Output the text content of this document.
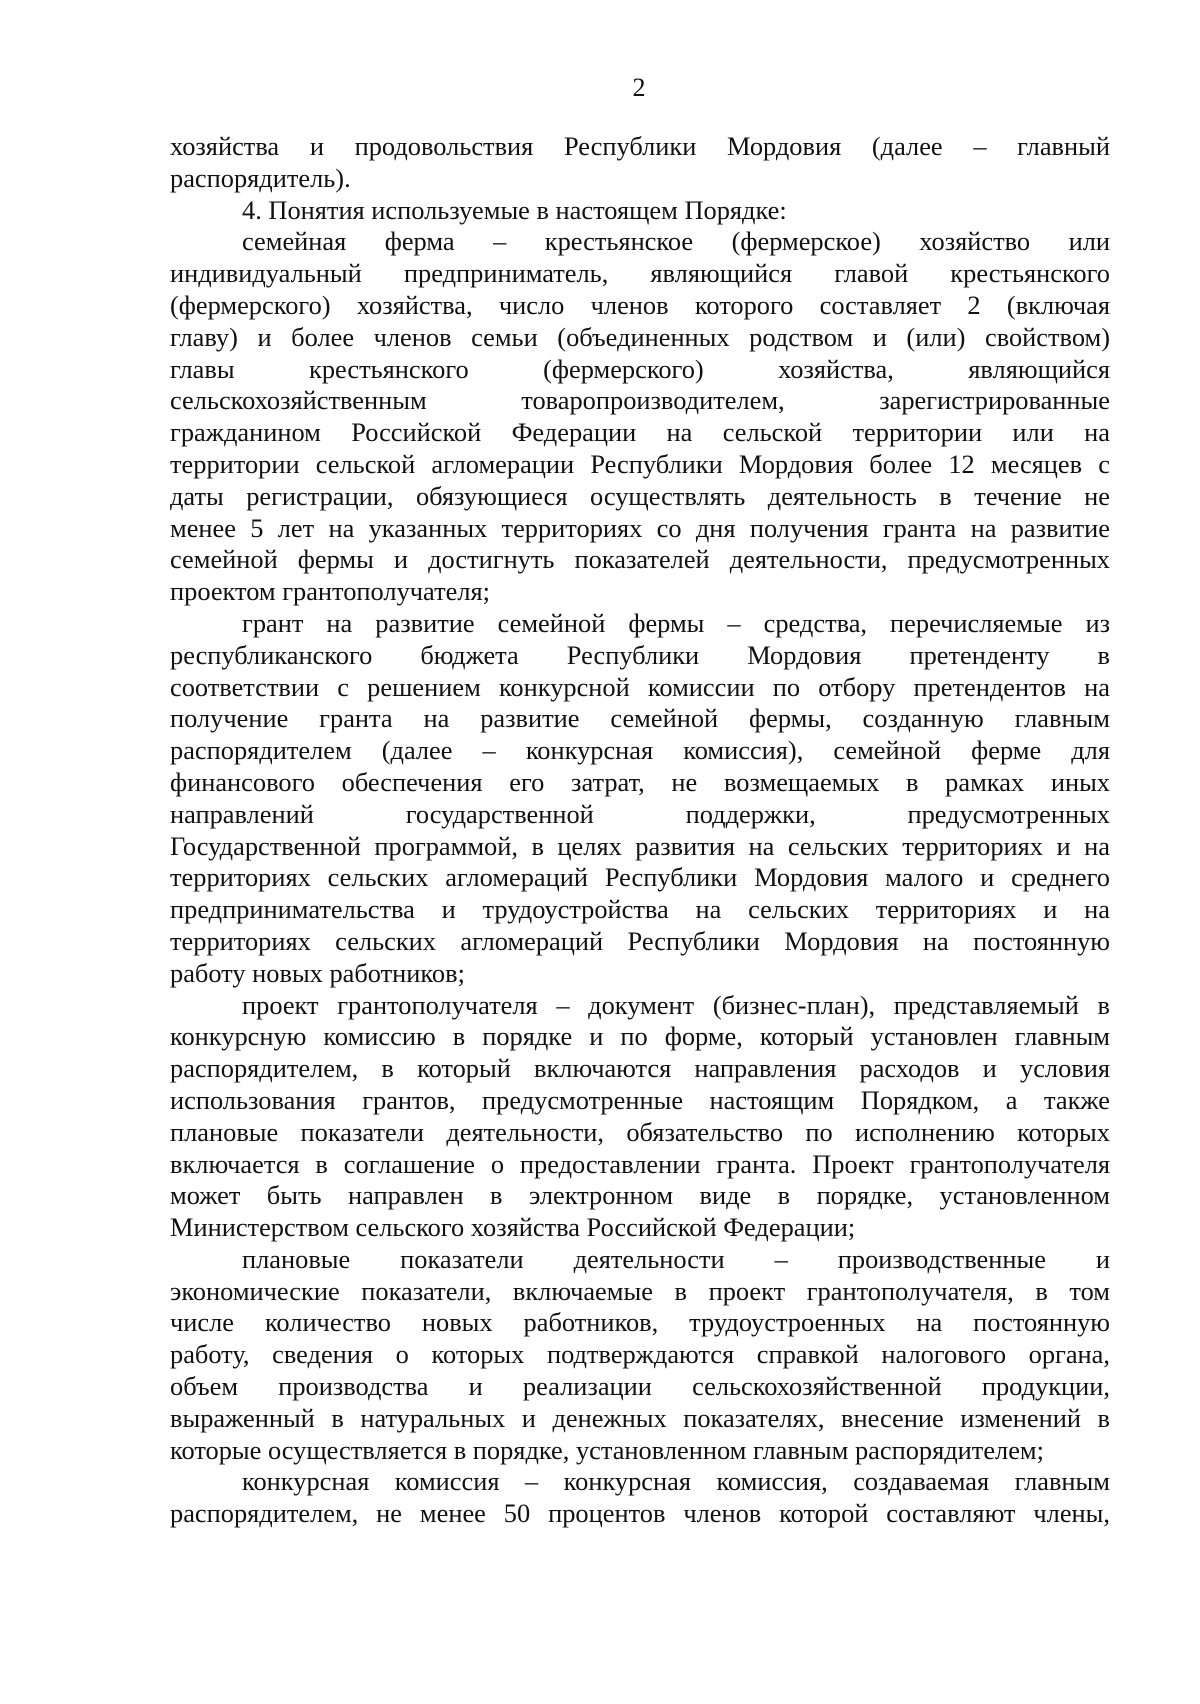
2
хозяйства и продовольствия Республики Мордовия (далее – главный
распорядитель).
4. Понятия используемые в настоящем Порядке:
семейная ферма – крестьянское (фермерское) хозяйство или
индивидуальный предприниматель, являющийся главой крестьянского
(фермерского) хозяйства, число членов которого составляет 2 (включая
главу) и более членов семьи (объединенных родством и (или) свойством)
главы крестьянского (фермерского) хозяйства, являющийся
сельскохозяйственным товаропроизводителем, зарегистрированные
гражданином Российской Федерации на сельской территории или на
территории сельской агломерации Республики Мордовия более 12 месяцев с
даты регистрации, обязующиеся осуществлять деятельность в течение не
менее 5 лет на указанных территориях со дня получения гранта на развитие
семейной фермы и достигнуть показателей деятельности, предусмотренных
проектом грантополучателя;
грант на развитие семейной фермы – средства, перечисляемые из
республиканского бюджета Республики Мордовия претенденту в
соответствии с решением конкурсной комиссии по отбору претендентов на
получение гранта на развитие семейной фермы, созданную главным
распорядителем (далее – конкурсная комиссия), семейной ферме для
финансового обеспечения его затрат, не возмещаемых в рамках иных
направлений государственной поддержки, предусмотренных
Государственной программой, в целях развития на сельских территориях и на
территориях сельских агломераций Республики Мордовия малого и среднего
предпринимательства и трудоустройства на сельских территориях и на
территориях сельских агломераций Республики Мордовия на постоянную
работу новых работников;
проект грантополучателя – документ (бизнес-план), представляемый в
конкурсную комиссию в порядке и по форме, который установлен главным
распорядителем, в который включаются направления расходов и условия
использования грантов, предусмотренные настоящим Порядком, а также
плановые показатели деятельности, обязательство по исполнению которых
включается в соглашение о предоставлении гранта. Проект грантополучателя
может быть направлен в электронном виде в порядке, установленном
Министерством сельского хозяйства Российской Федерации;
плановые показатели деятельности – производственные и
экономические показатели, включаемые в проект грантополучателя, в том
числе количество новых работников, трудоустроенных на постоянную
работу, сведения о которых подтверждаются справкой налогового органа,
объем производства и реализации сельскохозяйственной продукции,
выраженный в натуральных и денежных показателях, внесение изменений в
которые осуществляется в порядке, установленном главным распорядителем;
конкурсная комиссия – конкурсная комиссия, создаваемая главным
распорядителем, не менее 50 процентов членов которой составляют члены,
